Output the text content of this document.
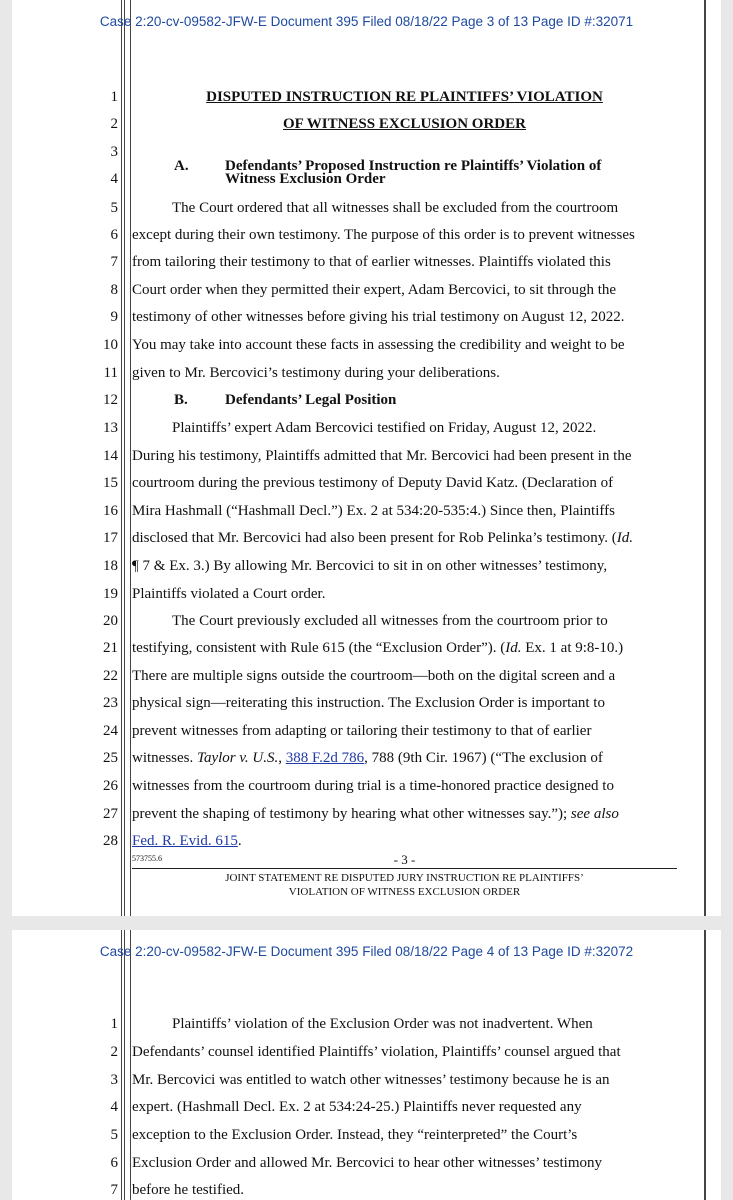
Case 2:20-cv-09582-JFW-E Document 395 Filed 08/18/22 Page 3 of 13 Page ID #:32071
1
2
3
4
5
6
7
8
9
10
11
12
13
14
15
16
17
18
19
20
21
22
23
24
25
26
27
28
DISPUTED INSTRUCTION RE PLAINTIFFS’ VIOLATION
OF WITNESS EXCLUSION ORDER
A.	Defendants’ Proposed Instruction re Plaintiffs’ Violation of
Witness Exclusion Order
The Court ordered that all witnesses shall be excluded from the courtroom
except during their own testimony. The purpose of this order is to prevent witnesses
from tailoring their testimony to that of earlier witnesses. Plaintiffs violated this
Court order when they permitted their expert, Adam Bercovici, to sit through the
testimony of other witnesses before giving his trial testimony on August 12, 2022.
You may take into account these facts in assessing the credibility and weight to be
given to Mr. Bercovici’s testimony during your deliberations.
B.	Defendants’ Legal Position
Plaintiffs’ expert Adam Bercovici testified on Friday, August 12, 2022.
During his testimony, Plaintiffs admitted that Mr. Bercovici had been present in the
courtroom during the previous testimony of Deputy David Katz. (Declaration of
Mira Hashmall (“Hashmall Decl.”) Ex. 2 at 534:20-535:4.) Since then, Plaintiffs
disclosed that Mr. Bercovici had also been present for Rob Pelinka’s testimony. (Id.
¶ 7 & Ex. 3.) By allowing Mr. Bercovici to sit in on other witnesses’ testimony,
Plaintiffs violated a Court order.
The Court previously excluded all witnesses from the courtroom prior to
testifying, consistent with Rule 615 (the “Exclusion Order”). (Id. Ex. 1 at 9:8-10.)
There are multiple signs outside the courtroom—both on the digital screen and a
physical sign—reiterating this instruction. The Exclusion Order is important to
prevent witnesses from adapting or tailoring their testimony to that of earlier
witnesses. Taylor v. U.S., 388 F.2d 786, 788 (9th Cir. 1967) (“The exclusion of
witnesses from the courtroom during trial is a time-honored practice designed to
prevent the shaping of testimony by hearing what other witnesses say.”); see also
Fed. R. Evid. 615.
573755.6	- 3 -
JOINT STATEMENT RE DISPUTED JURY INSTRUCTION RE PLAINTIFFS’
VIOLATION OF WITNESS EXCLUSION ORDER
Case 2:20-cv-09582-JFW-E Document 395 Filed 08/18/22 Page 4 of 13 Page ID #:32072
1
2
3
4
5
6
7
Plaintiffs’ violation of the Exclusion Order was not inadvertent. When
Defendants’ counsel identified Plaintiffs’ violation, Plaintiffs’ counsel argued that
Mr. Bercovici was entitled to watch other witnesses’ testimony because he is an
expert. (Hashmall Decl. Ex. 2 at 534:24-25.) Plaintiffs never requested any
exception to the Exclusion Order. Instead, they “reinterpreted” the Court’s
Exclusion Order and allowed Mr. Bercovici to hear other witnesses’ testimony
before he testified.
